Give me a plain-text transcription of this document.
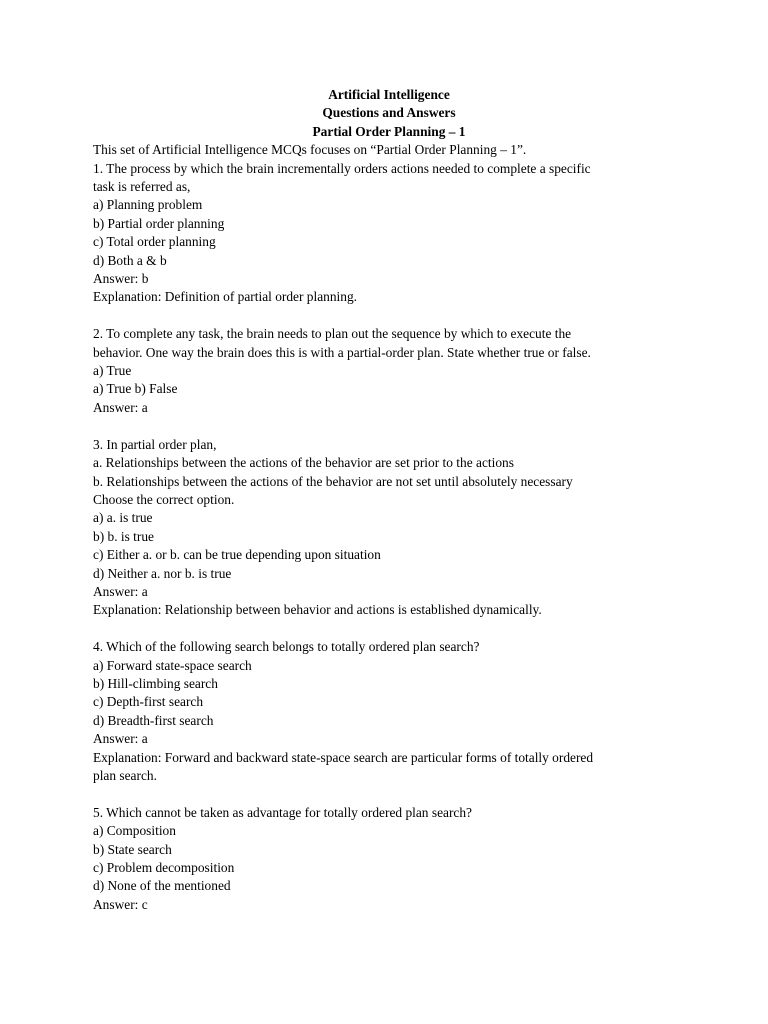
Artificial Intelligence
Questions and Answers
Partial Order Planning – 1
This set of Artificial Intelligence MCQs focuses on “Partial Order Planning – 1”.
1. The process by which the brain incrementally orders actions needed to complete a specific
task is referred as,
a) Planning problem
b) Partial order planning
c) Total order planning
d) Both a & b
Answer: b
Explanation: Definition of partial order planning.
2. To complete any task, the brain needs to plan out the sequence by which to execute the
behavior. One way the brain does this is with a partial-order plan. State whether true or false.
a) True
a) True b) False
Answer: a
3. In partial order plan,
a. Relationships between the actions of the behavior are set prior to the actions
b. Relationships between the actions of the behavior are not set until absolutely necessary
Choose the correct option.
a) a. is true
b) b. is true
c) Either a. or b. can be true depending upon situation
d) Neither a. nor b. is true
Answer: a
Explanation: Relationship between behavior and actions is established dynamically.
4. Which of the following search belongs to totally ordered plan search?
a) Forward state-space search
b) Hill-climbing search
c) Depth-first search
d) Breadth-first search
Answer: a
Explanation: Forward and backward state-space search are particular forms of totally ordered
plan search.
5. Which cannot be taken as advantage for totally ordered plan search?
a) Composition
b) State search
c) Problem decomposition
d) None of the mentioned
Answer: c
